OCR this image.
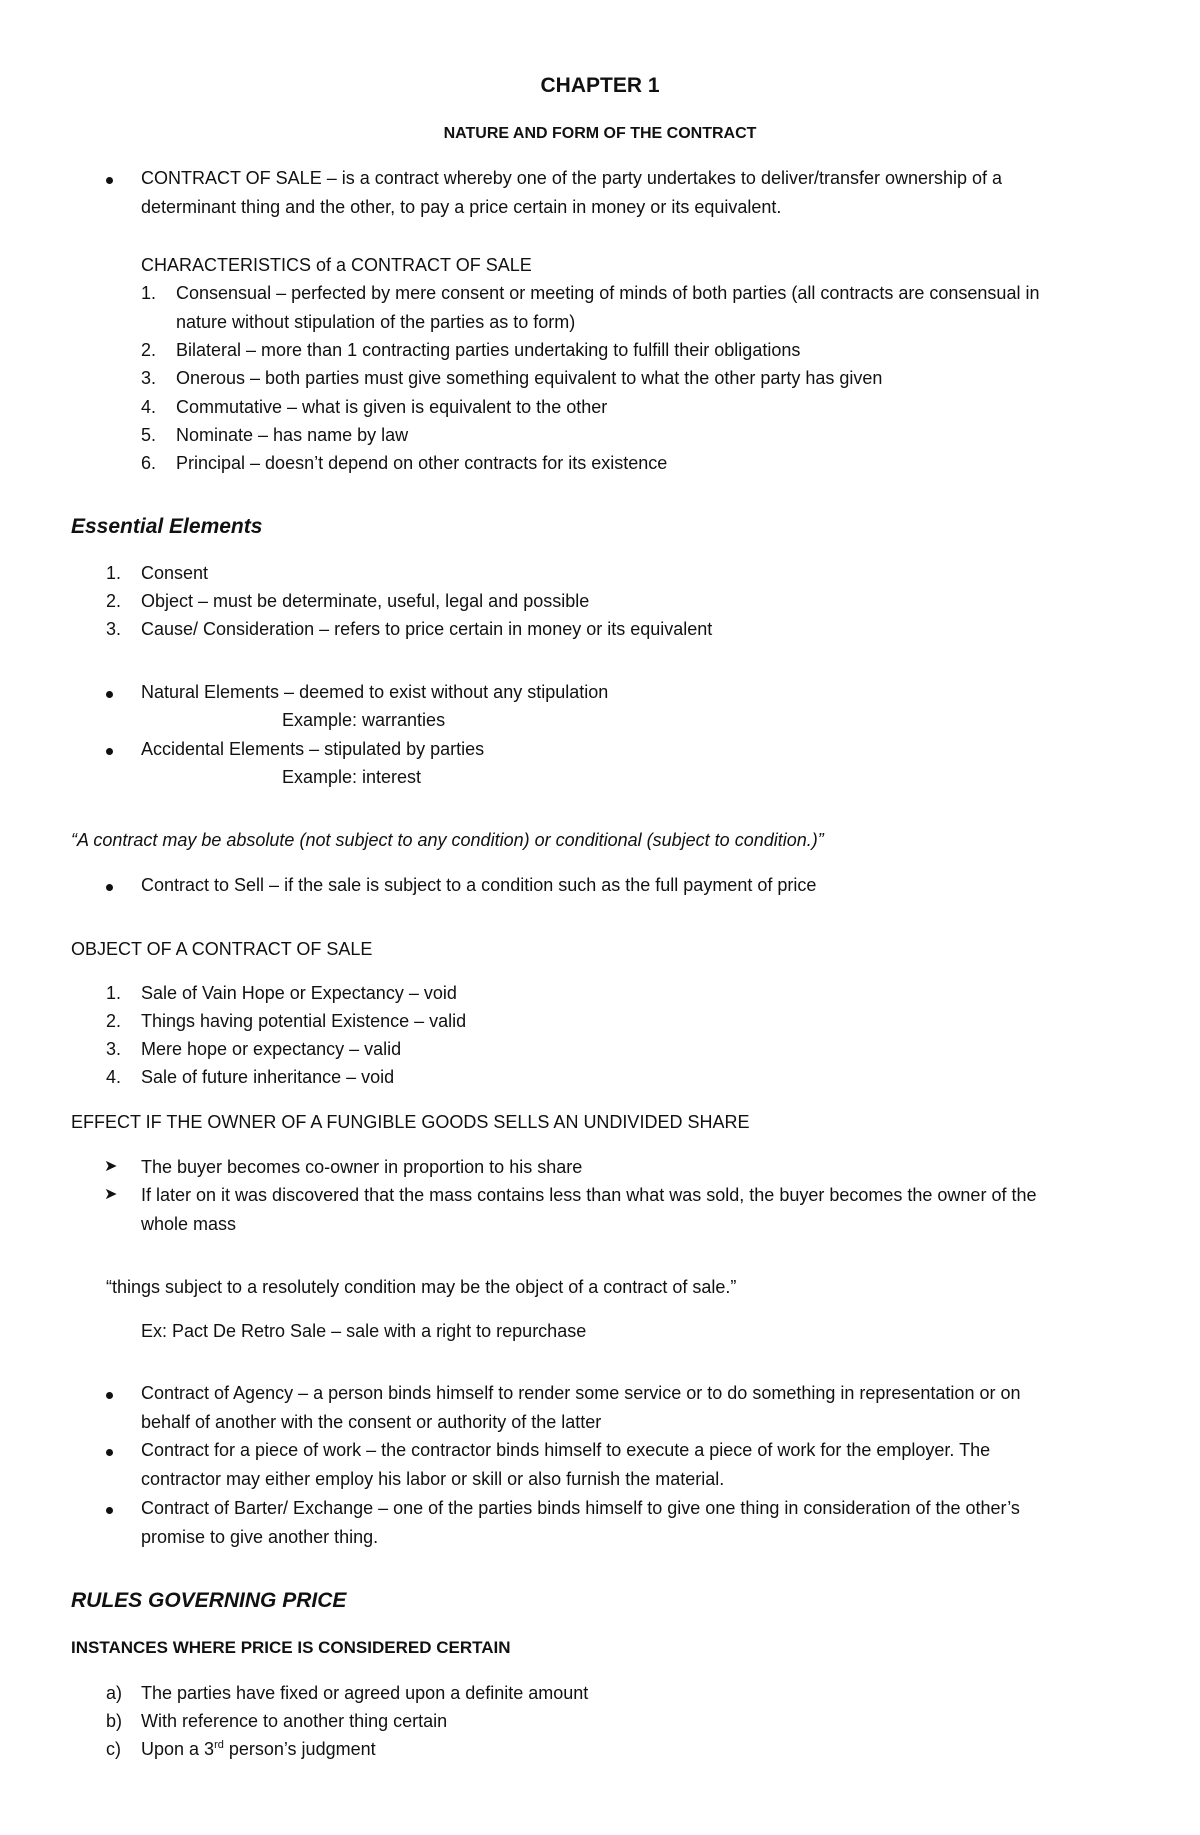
CHAPTER 1
NATURE AND FORM OF THE CONTRACT
CONTRACT OF SALE – is a contract whereby one of the party undertakes to deliver/transfer ownership of a
determinant thing and the other, to pay a price certain in money or its equivalent.
CHARACTERISTICS of a CONTRACT OF SALE
1. Consensual – perfected by mere consent or meeting of minds of both parties (all contracts are consensual in
nature without stipulation of the parties as to form)
2. Bilateral – more than 1 contracting parties undertaking to fulfill their obligations
3. Onerous – both parties must give something equivalent to what the other party has given
4. Commutative – what is given is equivalent to the other
5. Nominate – has name by law
6. Principal – doesn’t depend on other contracts for its existence
Essential Elements
1. Consent
2. Object – must be determinate, useful, legal and possible
3. Cause/ Consideration – refers to price certain in money or its equivalent
Natural Elements – deemed to exist without any stipulation
Example: warranties
Accidental Elements – stipulated by parties
Example: interest
“A contract may be absolute (not subject to any condition) or conditional (subject to condition.)”
Contract to Sell – if the sale is subject to a condition such as the full payment of price
OBJECT OF A CONTRACT OF SALE
1. Sale of Vain Hope or Expectancy – void
2. Things having potential Existence – valid
3. Mere hope or expectancy – valid
4. Sale of future inheritance – void
EFFECT IF THE OWNER OF A FUNGIBLE GOODS SELLS AN UNDIVIDED SHARE
➤ The buyer becomes co-owner in proportion to his share
➤ If later on it was discovered that the mass contains less than what was sold, the buyer becomes the owner of the
whole mass
“things subject to a resolutely condition may be the object of a contract of sale.”
Ex: Pact De Retro Sale – sale with a right to repurchase
Contract of Agency – a person binds himself to render some service or to do something in representation or on
behalf of another with the consent or authority of the latter
Contract for a piece of work – the contractor binds himself to execute a piece of work for the employer. The
contractor may either employ his labor or skill or also furnish the material.
Contract of Barter/ Exchange – one of the parties binds himself to give one thing in consideration of the other’s
promise to give another thing.
RULES GOVERNING PRICE
INSTANCES WHERE PRICE IS CONSIDERED CERTAIN
a) The parties have fixed or agreed upon a definite amount
b) With reference to another thing certain
c) Upon a 3rd person’s judgment
